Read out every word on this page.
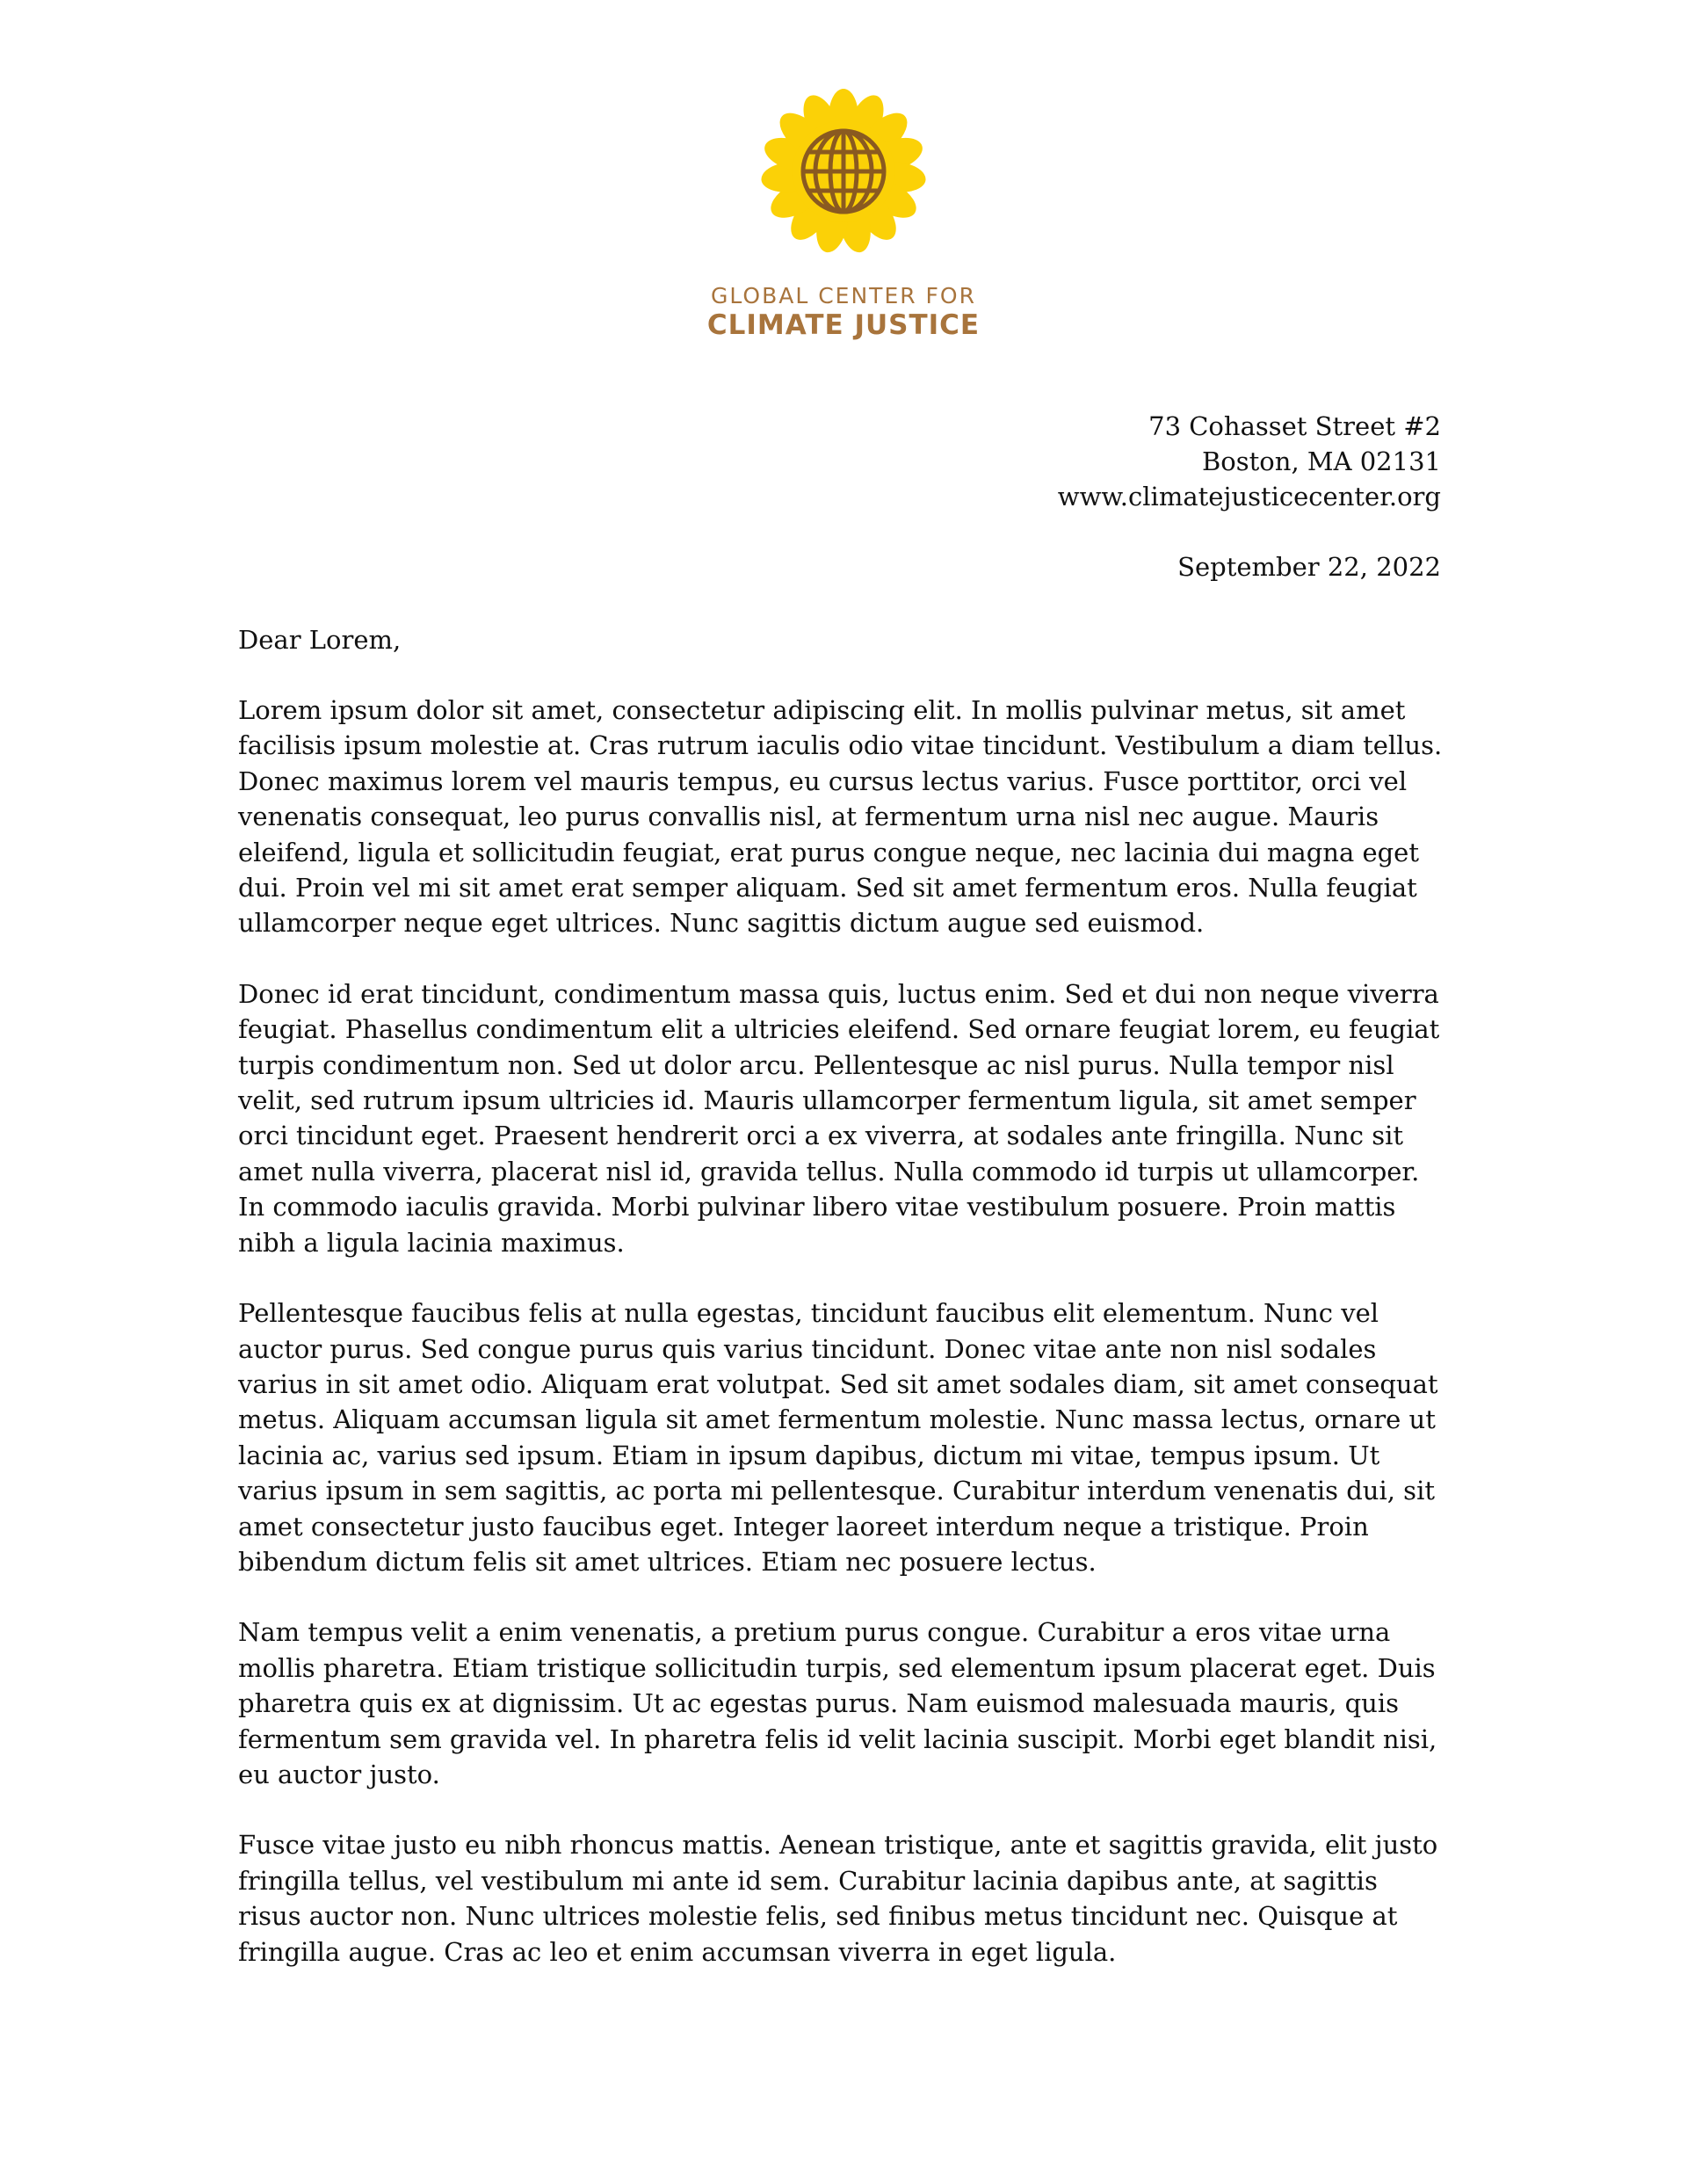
GLOBAL CENTER FOR
CLIMATE JUSTICE
73 Cohasset Street #2
Boston, MA 02131
www.climatejusticecenter.org
September 22, 2022
Dear Lorem,

Lorem ipsum dolor sit amet, consectetur adipiscing elit. In mollis pulvinar metus, sit amet facilisis ipsum molestie at. Cras rutrum iaculis odio vitae tincidunt. Vestibulum a diam tellus. Donec maximus lorem vel mauris tempus, eu cursus lectus varius. Fusce porttitor, orci vel venenatis consequat, leo purus convallis nisl, at fermentum urna nisl nec augue. Mauris eleifend, ligula et sollicitudin feugiat, erat purus congue neque, nec lacinia dui magna eget dui. Proin vel mi sit amet erat semper aliquam. Sed sit amet fermentum eros. Nulla feugiat ullamcorper neque eget ultrices. Nunc sagittis dictum augue sed euismod.

Donec id erat tincidunt, condimentum massa quis, luctus enim. Sed et dui non neque viverra feugiat. Phasellus condimentum elit a ultricies eleifend. Sed ornare feugiat lorem, eu feugiat turpis condimentum non. Sed ut dolor arcu. Pellentesque ac nisl purus. Nulla tempor nisl velit, sed rutrum ipsum ultricies id. Mauris ullamcorper fermentum ligula, sit amet semper orci tincidunt eget. Praesent hendrerit orci a ex viverra, at sodales ante fringilla. Nunc sit amet nulla viverra, placerat nisl id, gravida tellus. Nulla commodo id turpis ut ullamcorper. In commodo iaculis gravida. Morbi pulvinar libero vitae vestibulum posuere. Proin mattis nibh a ligula lacinia maximus.

Pellentesque faucibus felis at nulla egestas, tincidunt faucibus elit elementum. Nunc vel auctor purus. Sed congue purus quis varius tincidunt. Donec vitae ante non nisl sodales varius in sit amet odio. Aliquam erat volutpat. Sed sit amet sodales diam, sit amet consequat metus. Aliquam accumsan ligula sit amet fermentum molestie. Nunc massa lectus, ornare ut lacinia ac, varius sed ipsum. Etiam in ipsum dapibus, dictum mi vitae, tempus ipsum. Ut varius ipsum in sem sagittis, ac porta mi pellentesque. Curabitur interdum venenatis dui, sit amet consectetur justo faucibus eget. Integer laoreet interdum neque a tristique. Proin bibendum dictum felis sit amet ultrices. Etiam nec posuere lectus.

Nam tempus velit a enim venenatis, a pretium purus congue. Curabitur a eros vitae urna mollis pharetra. Etiam tristique sollicitudin turpis, sed elementum ipsum placerat eget. Duis pharetra quis ex at dignissim. Ut ac egestas purus. Nam euismod malesuada mauris, quis fermentum sem gravida vel. In pharetra felis id velit lacinia suscipit. Morbi eget blandit nisi, eu auctor justo.

Fusce vitae justo eu nibh rhoncus mattis. Aenean tristique, ante et sagittis gravida, elit justo fringilla tellus, vel vestibulum mi ante id sem. Curabitur lacinia dapibus ante, at sagittis risus auctor non. Nunc ultrices molestie felis, sed finibus metus tincidunt nec. Quisque at fringilla augue. Cras ac leo et enim accumsan viverra in eget ligula.
